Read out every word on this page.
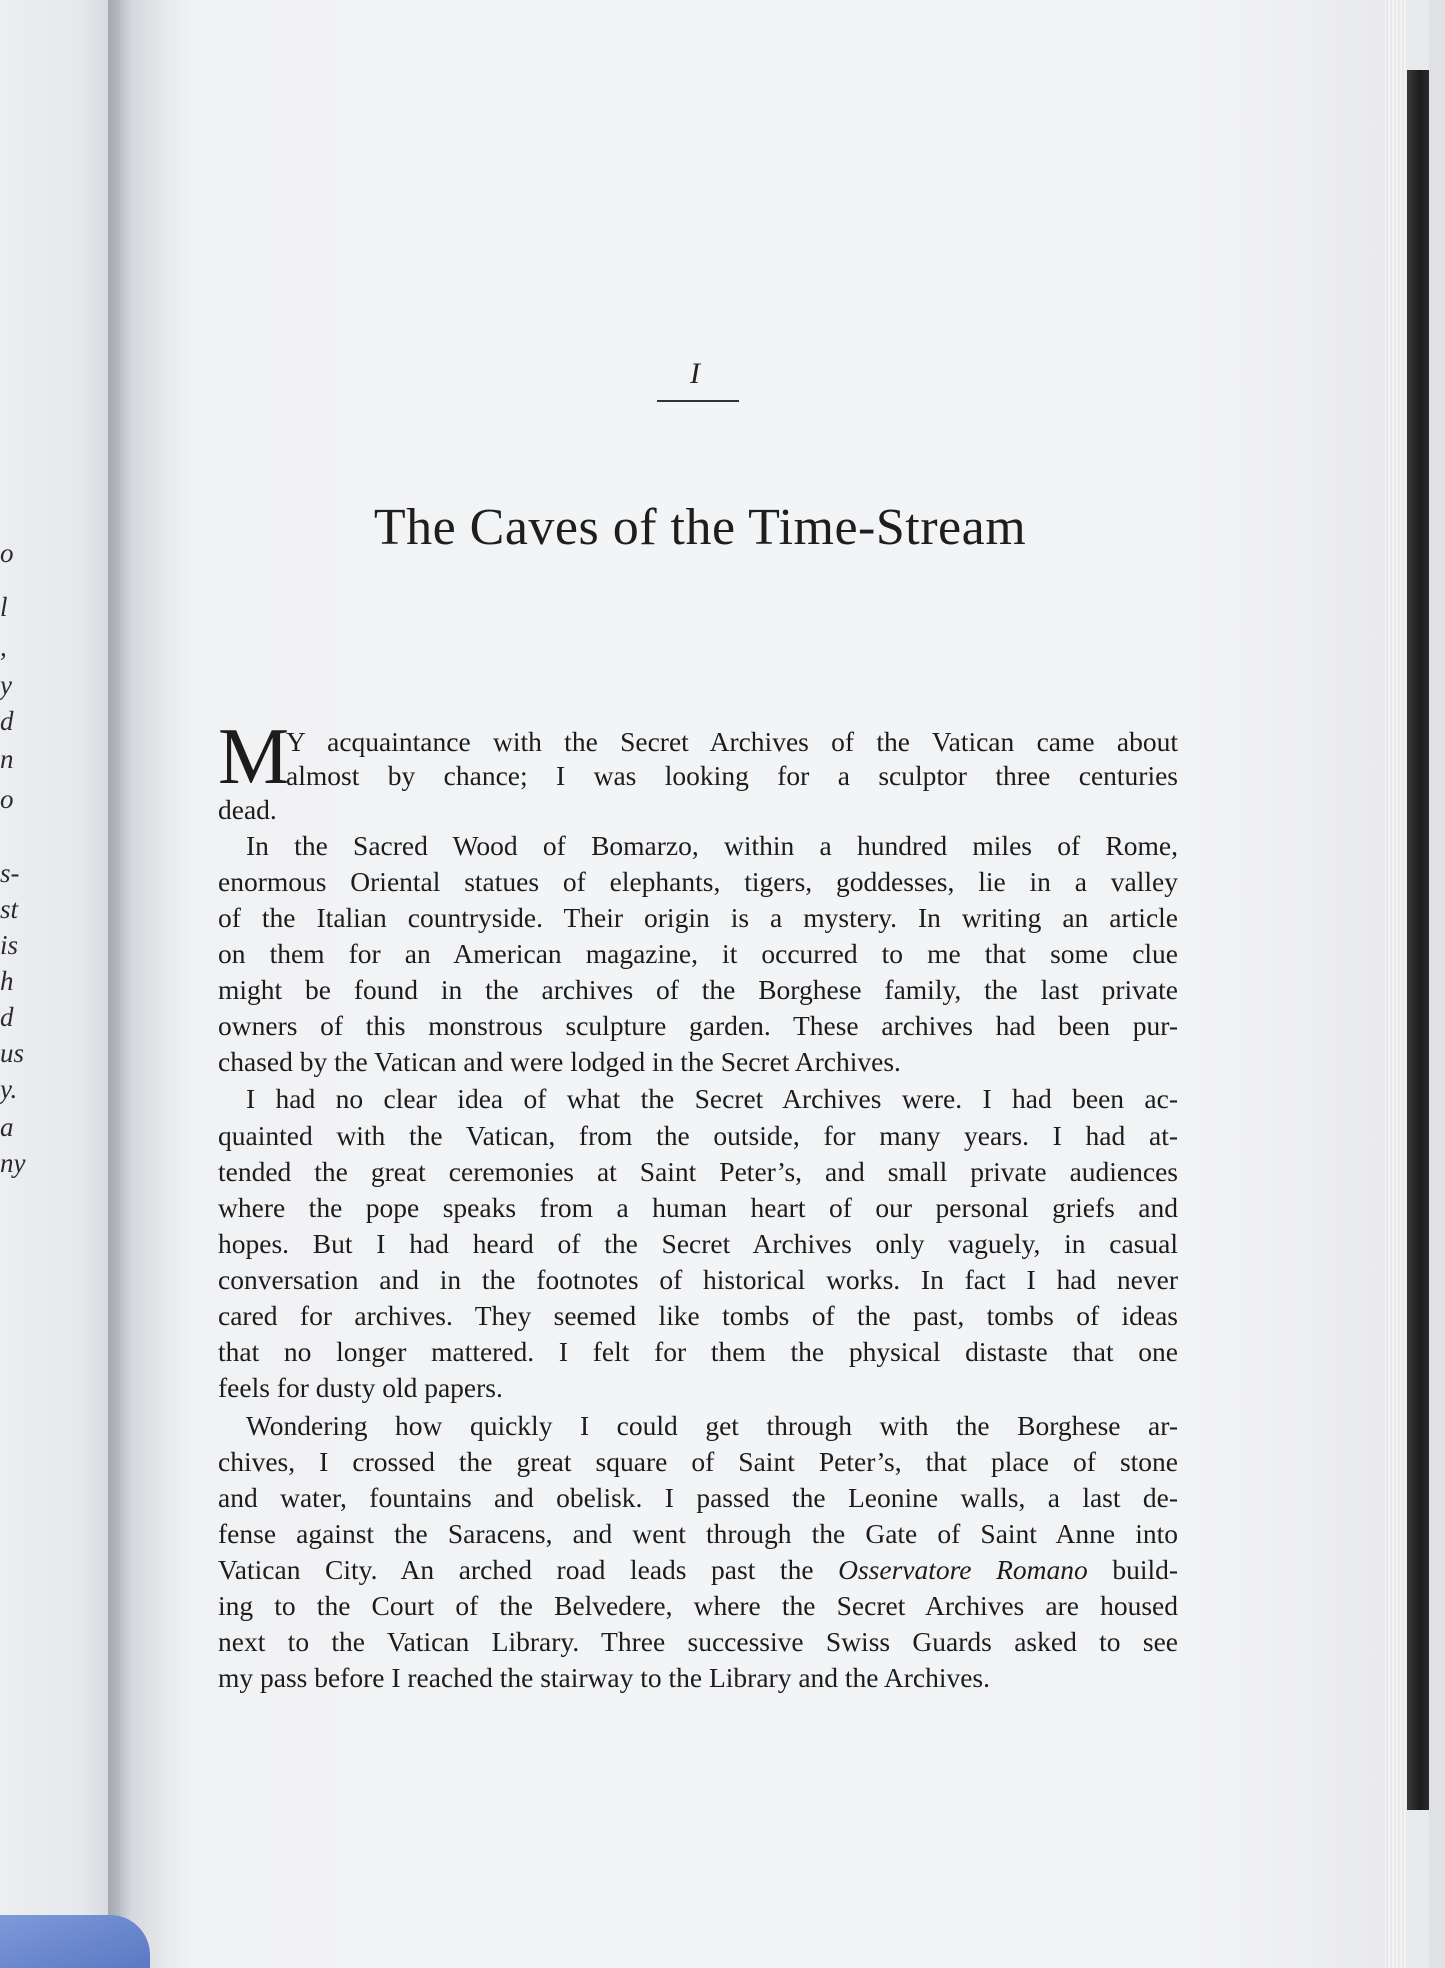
o
l
,
y
d
n
o
s-
st
is
h
d
us
y.
a
ny
I
The Caves of the Time-Stream
M
Y acquaintance with the Secret Archives of the Vatican came about
almost by chance; I was looking for a sculptor three centuries
dead.
In the Sacred Wood of Bomarzo, within a hundred miles of Rome,
enormous Oriental statues of elephants, tigers, goddesses, lie in a valley
of the Italian countryside. Their origin is a mystery. In writing an article
on them for an American magazine, it occurred to me that some clue
might be found in the archives of the Borghese family, the last private
owners of this monstrous sculpture garden. These archives had been pur-
chased by the Vatican and were lodged in the Secret Archives.
I had no clear idea of what the Secret Archives were. I had been ac-
quainted with the Vatican, from the outside, for many years. I had at-
tended the great ceremonies at Saint Peter’s, and small private audiences
where the pope speaks from a human heart of our personal griefs and
hopes. But I had heard of the Secret Archives only vaguely, in casual
conversation and in the footnotes of historical works. In fact I had never
cared for archives. They seemed like tombs of the past, tombs of ideas
that no longer mattered. I felt for them the physical distaste that one
feels for dusty old papers.
Wondering how quickly I could get through with the Borghese ar-
chives, I crossed the great square of Saint Peter’s, that place of stone
and water, fountains and obelisk. I passed the Leonine walls, a last de-
fense against the Saracens, and went through the Gate of Saint Anne into
Vatican City. An arched road leads past the Osservatore Romano build-
ing to the Court of the Belvedere, where the Secret Archives are housed
next to the Vatican Library. Three successive Swiss Guards asked to see
my pass before I reached the stairway to the Library and the Archives.
